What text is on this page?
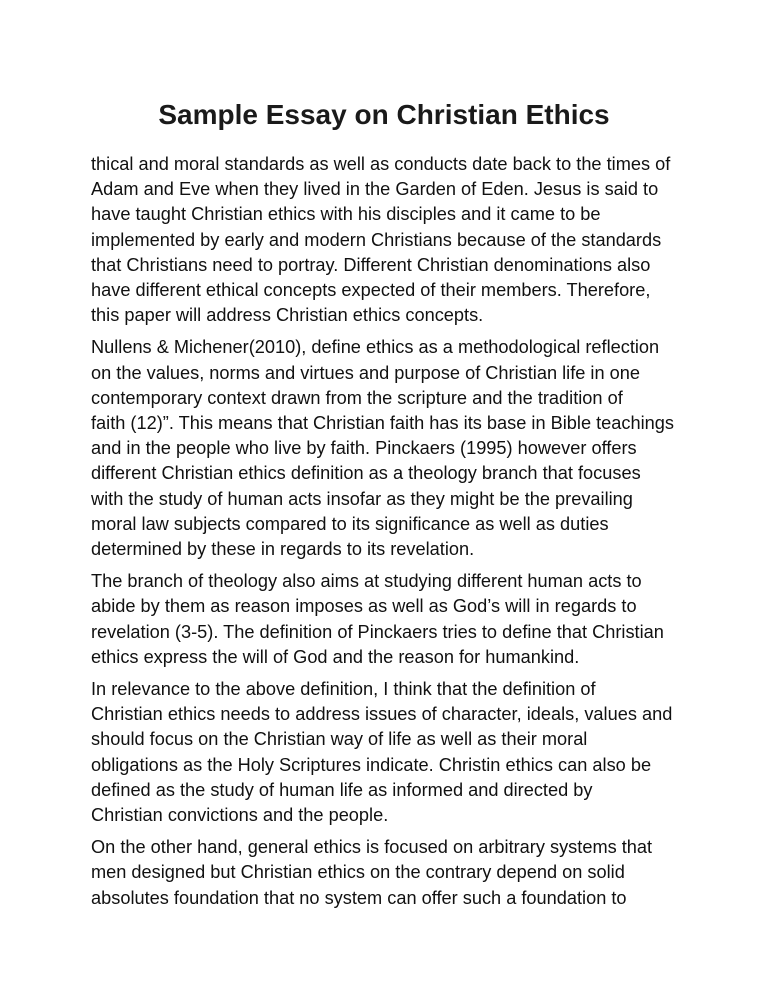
Sample Essay on Christian Ethics

thical and moral standards as well as conducts date back to the times of
Adam and Eve when they lived in the Garden of Eden. Jesus is said to
have taught Christian ethics with his disciples and it came to be
implemented by early and modern Christians because of the standards
that Christians need to portray. Different Christian denominations also
have different ethical concepts expected of their members. Therefore,
this paper will address Christian ethics concepts.

Nullens & Michener(2010), define ethics as a methodological reflection
on the values, norms and virtues and purpose of Christian life in one
contemporary context drawn from the scripture and the tradition of
faith (12)”. This means that Christian faith has its base in Bible teachings
and in the people who live by faith. Pinckaers (1995) however offers
different Christian ethics definition as a theology branch that focuses
with the study of human acts insofar as they might be the prevailing
moral law subjects compared to its significance as well as duties
determined by these in regards to its revelation.

The branch of theology also aims at studying different human acts to
abide by them as reason imposes as well as God’s will in regards to
revelation (3-5). The definition of Pinckaers tries to define that Christian
ethics express the will of God and the reason for humankind.

In relevance to the above definition, I think that the definition of
Christian ethics needs to address issues of character, ideals, values and
should focus on the Christian way of life as well as their moral
obligations as the Holy Scriptures indicate. Christin ethics can also be
defined as the study of human life as informed and directed by
Christian convictions and the people.

On the other hand, general ethics is focused on arbitrary systems that
men designed but Christian ethics on the contrary depend on solid
absolutes foundation that no system can offer such a foundation to
